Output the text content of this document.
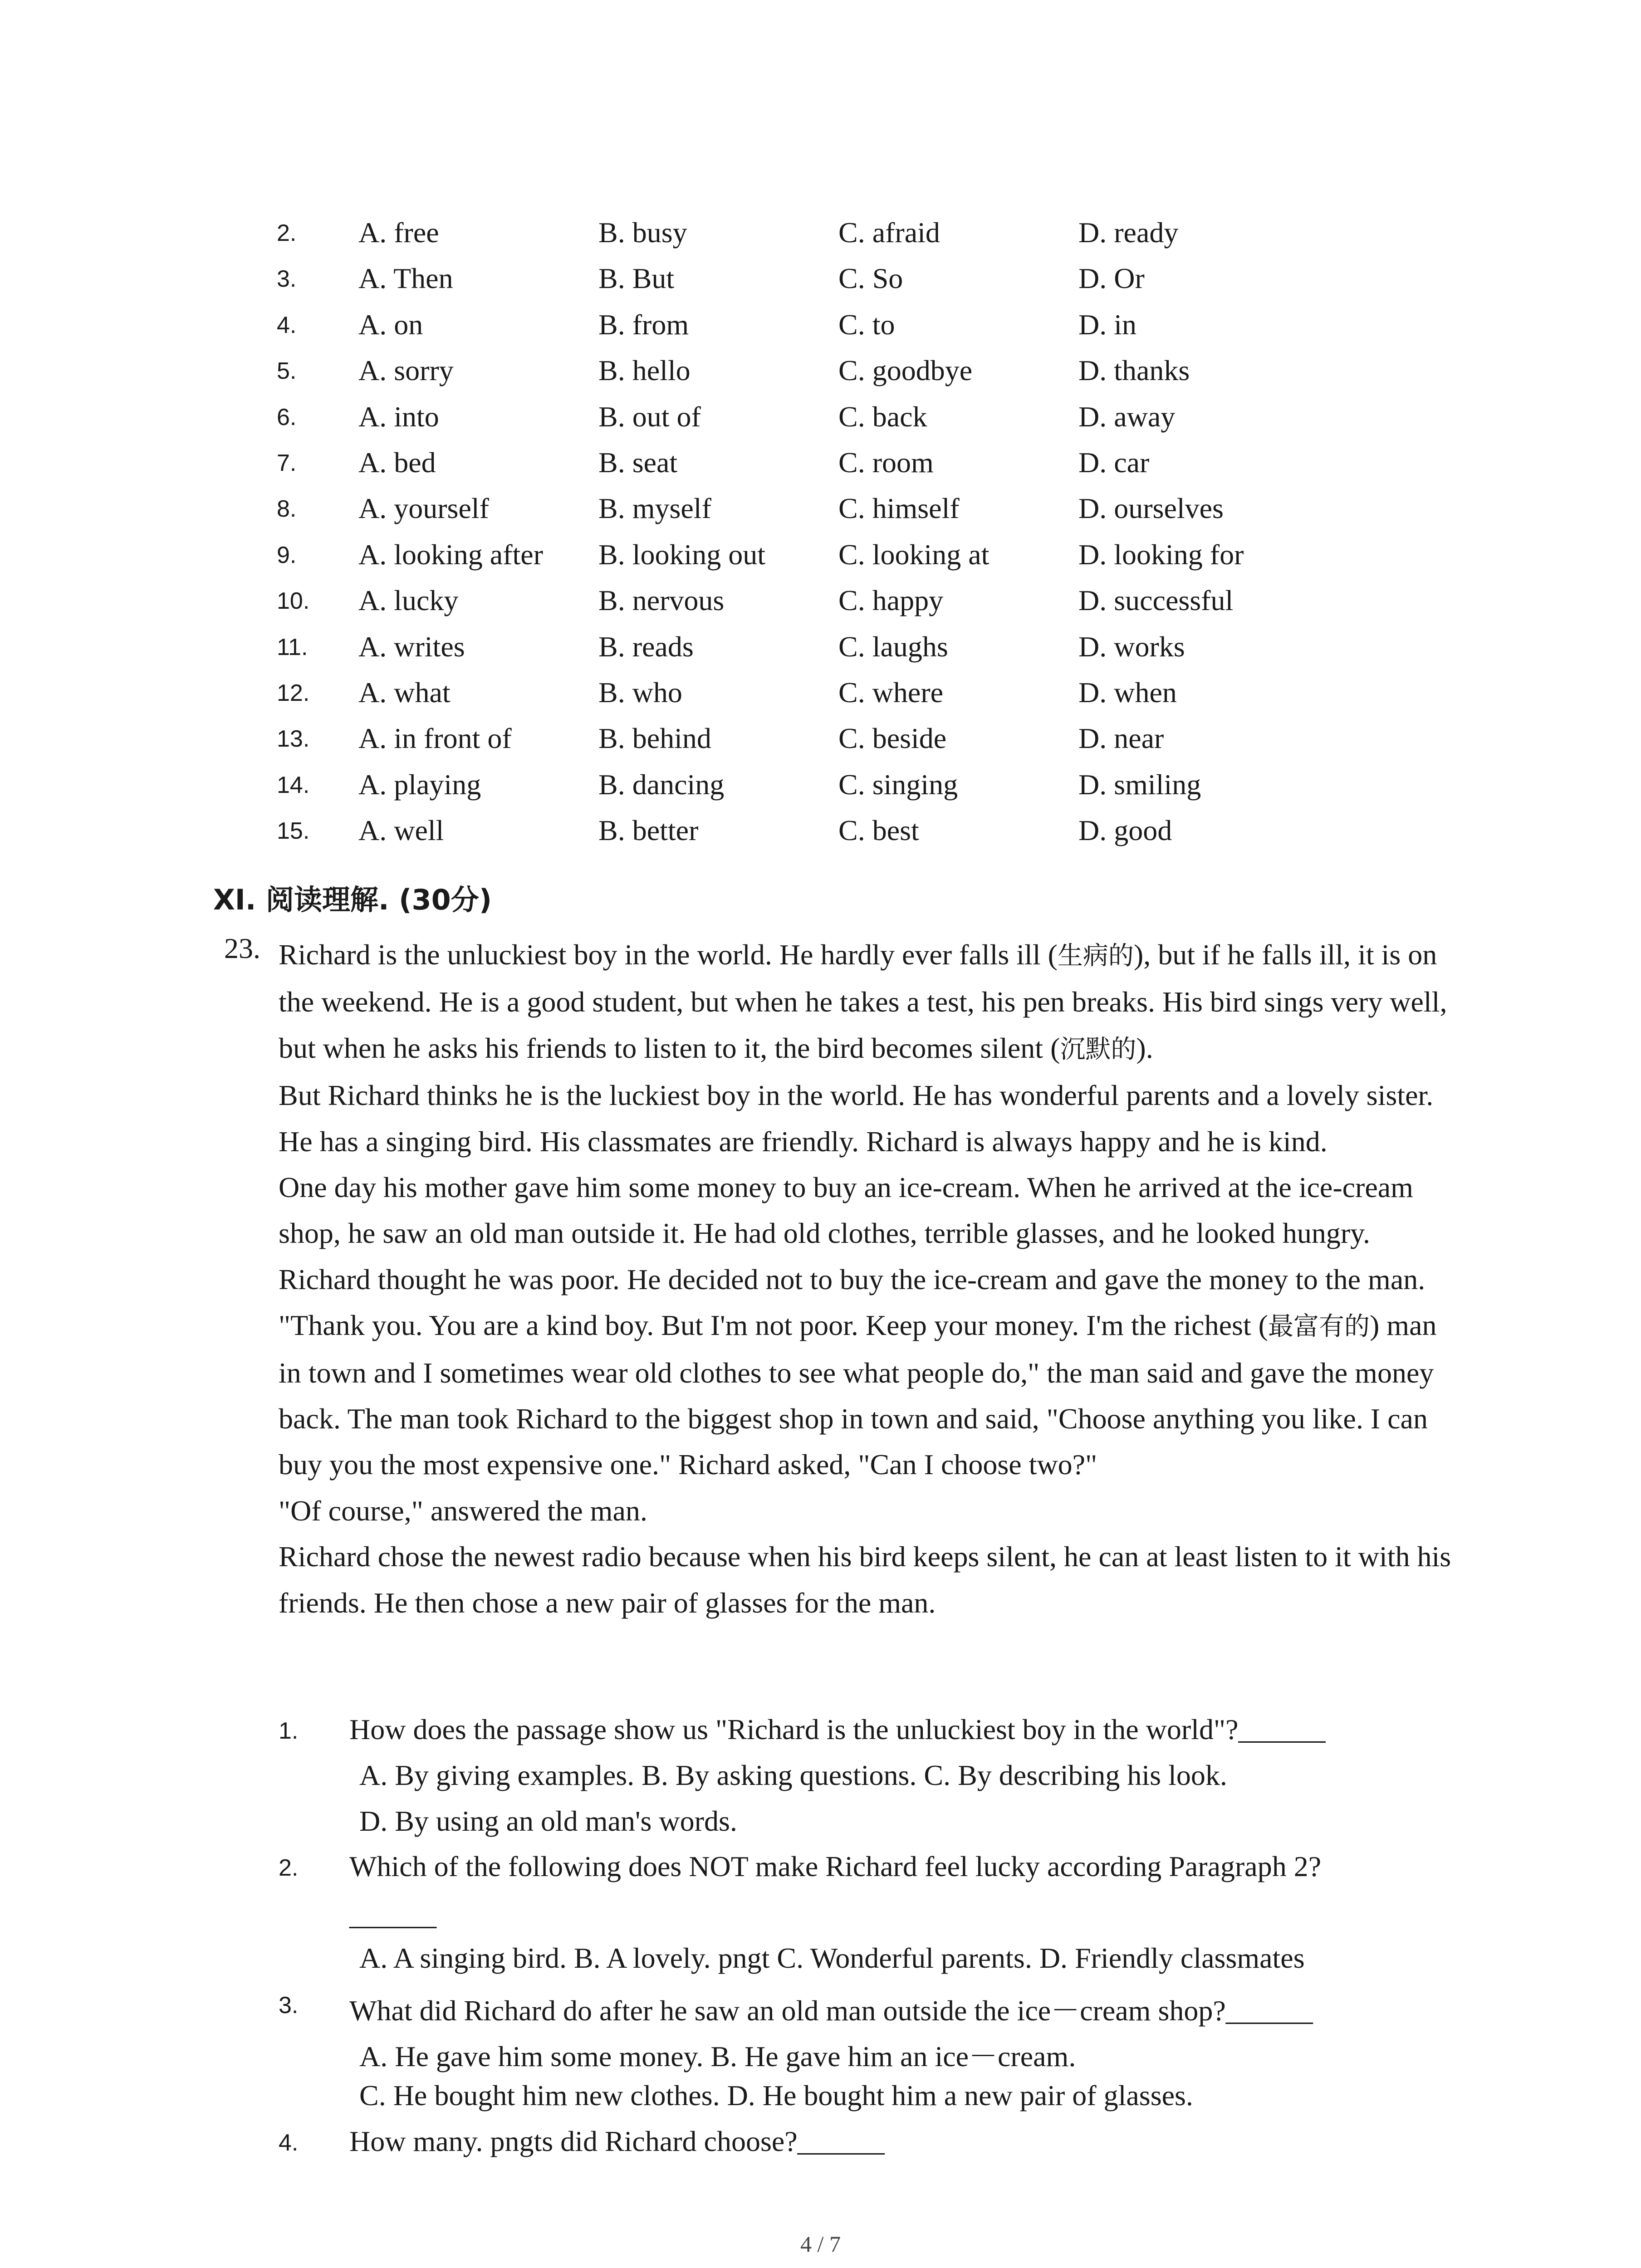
2. A. free	B. busy	C. afraid	D. ready
3. A. Then	B. But	C. So	D. Or
4. A. on	B. from	C. to	D. in
5. A. sorry	B. hello	C. goodbye	D. thanks
6. A. into	B. out of	C. back	D. away
7. A. bed	B. seat	C. room	D. car
8. A. yourself	B. myself	C. himself	D. ourselves
9. A. looking after B. looking out	C. looking at	D. looking for
10. A. lucky	B. nervous	C. happy	D. successful
11. A. writes	B. reads	C. laughs	D. works
12. A. what	B. who	C. where	D. when
13. A. in front of	B. behind	C. beside	D. near
14. A. playing	B. dancing	C. singing	D. smiling
15. A. well	B. better	C. best	D. good
XI. 阅读理解. (30分)
23. Richard is the unluckiest boy in the world. He hardly ever falls ill (生病的), but if he falls ill, it is on the weekend. He is a good student, but when he takes a test, his pen breaks. His bird sings very well, but when he asks his friends to listen to it, the bird becomes silent (沉默的).

But Richard thinks he is the luckiest boy in the world. He has wonderful parents and a lovely sister. He has a singing bird. His classmates are friendly. Richard is always happy and he is kind.

One day his mother gave him some money to buy an ice-cream. When he arrived at the ice-cream shop, he saw an old man outside it. He had old clothes, terrible glasses, and he looked hungry. Richard thought he was poor. He decided not to buy the ice-cream and gave the money to the man.

"Thank you. You are a kind boy. But I'm not poor. Keep your money. I'm the richest (最富有的) man in town and I sometimes wear old clothes to see what people do," the man said and gave the money back. The man took Richard to the biggest shop in town and said, "Choose anything you like. I can buy you the most expensive one." Richard asked, "Can I choose two?"

"Of course," answered the man.

Richard chose the newest radio because when his bird keeps silent, he can at least listen to it with his friends. He then chose a new pair of glasses for the man.

1. How does the passage show us "Richard is the unluckiest boy in the world"?______
A. By giving examples. B. By asking questions. C. By describing his look.
D. By using an old man's words.
2. Which of the following does NOT make Richard feel lucky according Paragraph 2?
______
A. A singing bird. B. A lovely. pngt C. Wonderful parents. D. Friendly classmates
3. What did Richard do after he saw an old man outside the ice－cream shop?______
A. He gave him some money. B. He gave him an ice－cream.
C. He bought him new clothes. D. He bought him a new pair of glasses.
4. How many. pngts did Richard choose?______
4 / 7
